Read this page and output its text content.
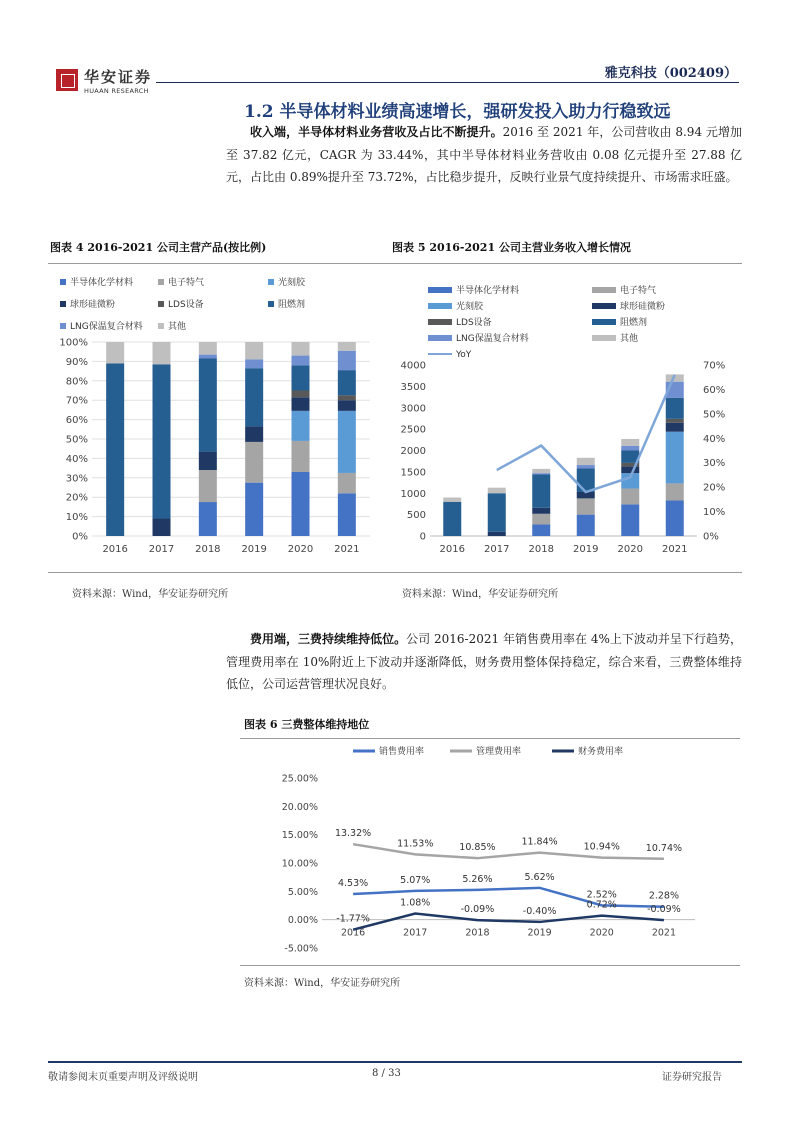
华安证券
HUAAN RESEARCH
雅克科技（002409）
1.2 半导体材料业绩高速增长，强研发投入助力行稳致远
收入端，半导体材料业务营收及占比不断提升。2016 至 2021 年，公司营收由 8.94 元增加至 37.82 亿元，CAGR 为 33.44%，其中半导体材料业务营收由 0.08 亿元提升至 27.88 亿元，占比由 0.89%提升至 73.72%，占比稳步提升，反映行业景气度持续提升、市场需求旺盛。
图表 4 2016-2021 公司主营产品(按比例)	图表 5 2016-2021 公司主营业务收入增长情况
半导体化学材料	电子特气	光刻胶
球形硅微粉	LDS设备	阻燃剂
LNG保温复合材料	其他
0%
10%
20%
30%
40%
50%
60%
70%
80%
90%
100%
2016 2017 2018 2019 2020 2021
半导体化学材料	电子特气
光刻胶	球形硅微粉
LDS设备	阻燃剂
LNG保温复合材料	其他
YoY
0
500
1000
1500
2000
2500
3000
3500
4000
0%
10%
20%
30%
40%
50%
60%
70%
2016 2017 2018 2019 2020 2021
资料来源：Wind，华安证券研究所	资料来源：Wind，华安证券研究所
费用端，三费持续维持低位。公司 2016-2021 年销售费用率在 4%上下波动并呈下行趋势，管理费用率在 10%附近上下波动并逐渐降低，财务费用整体保持稳定，综合来看，三费整体维持低位，公司运营管理状况良好。
图表 6 三费整体维持地位
销售费用率	管理费用率	财务费用率
-5.00%
0.00%
5.00%
10.00%
15.00%
20.00%
25.00%
2016	2017	2018	2019	2020	2021
4.53%	5.07%	5.26%	5.62%
2.52%	2.28%
13.32%
11.53%	10.85%
11.84%	10.94%	10.74%
-1.77%
1.08%
-0.09%	-0.40%
0.72%	-0.09%
资料来源：Wind，华安证券研究所
敬请参阅末页重要声明及评级说明	8 / 33	证券研究报告
